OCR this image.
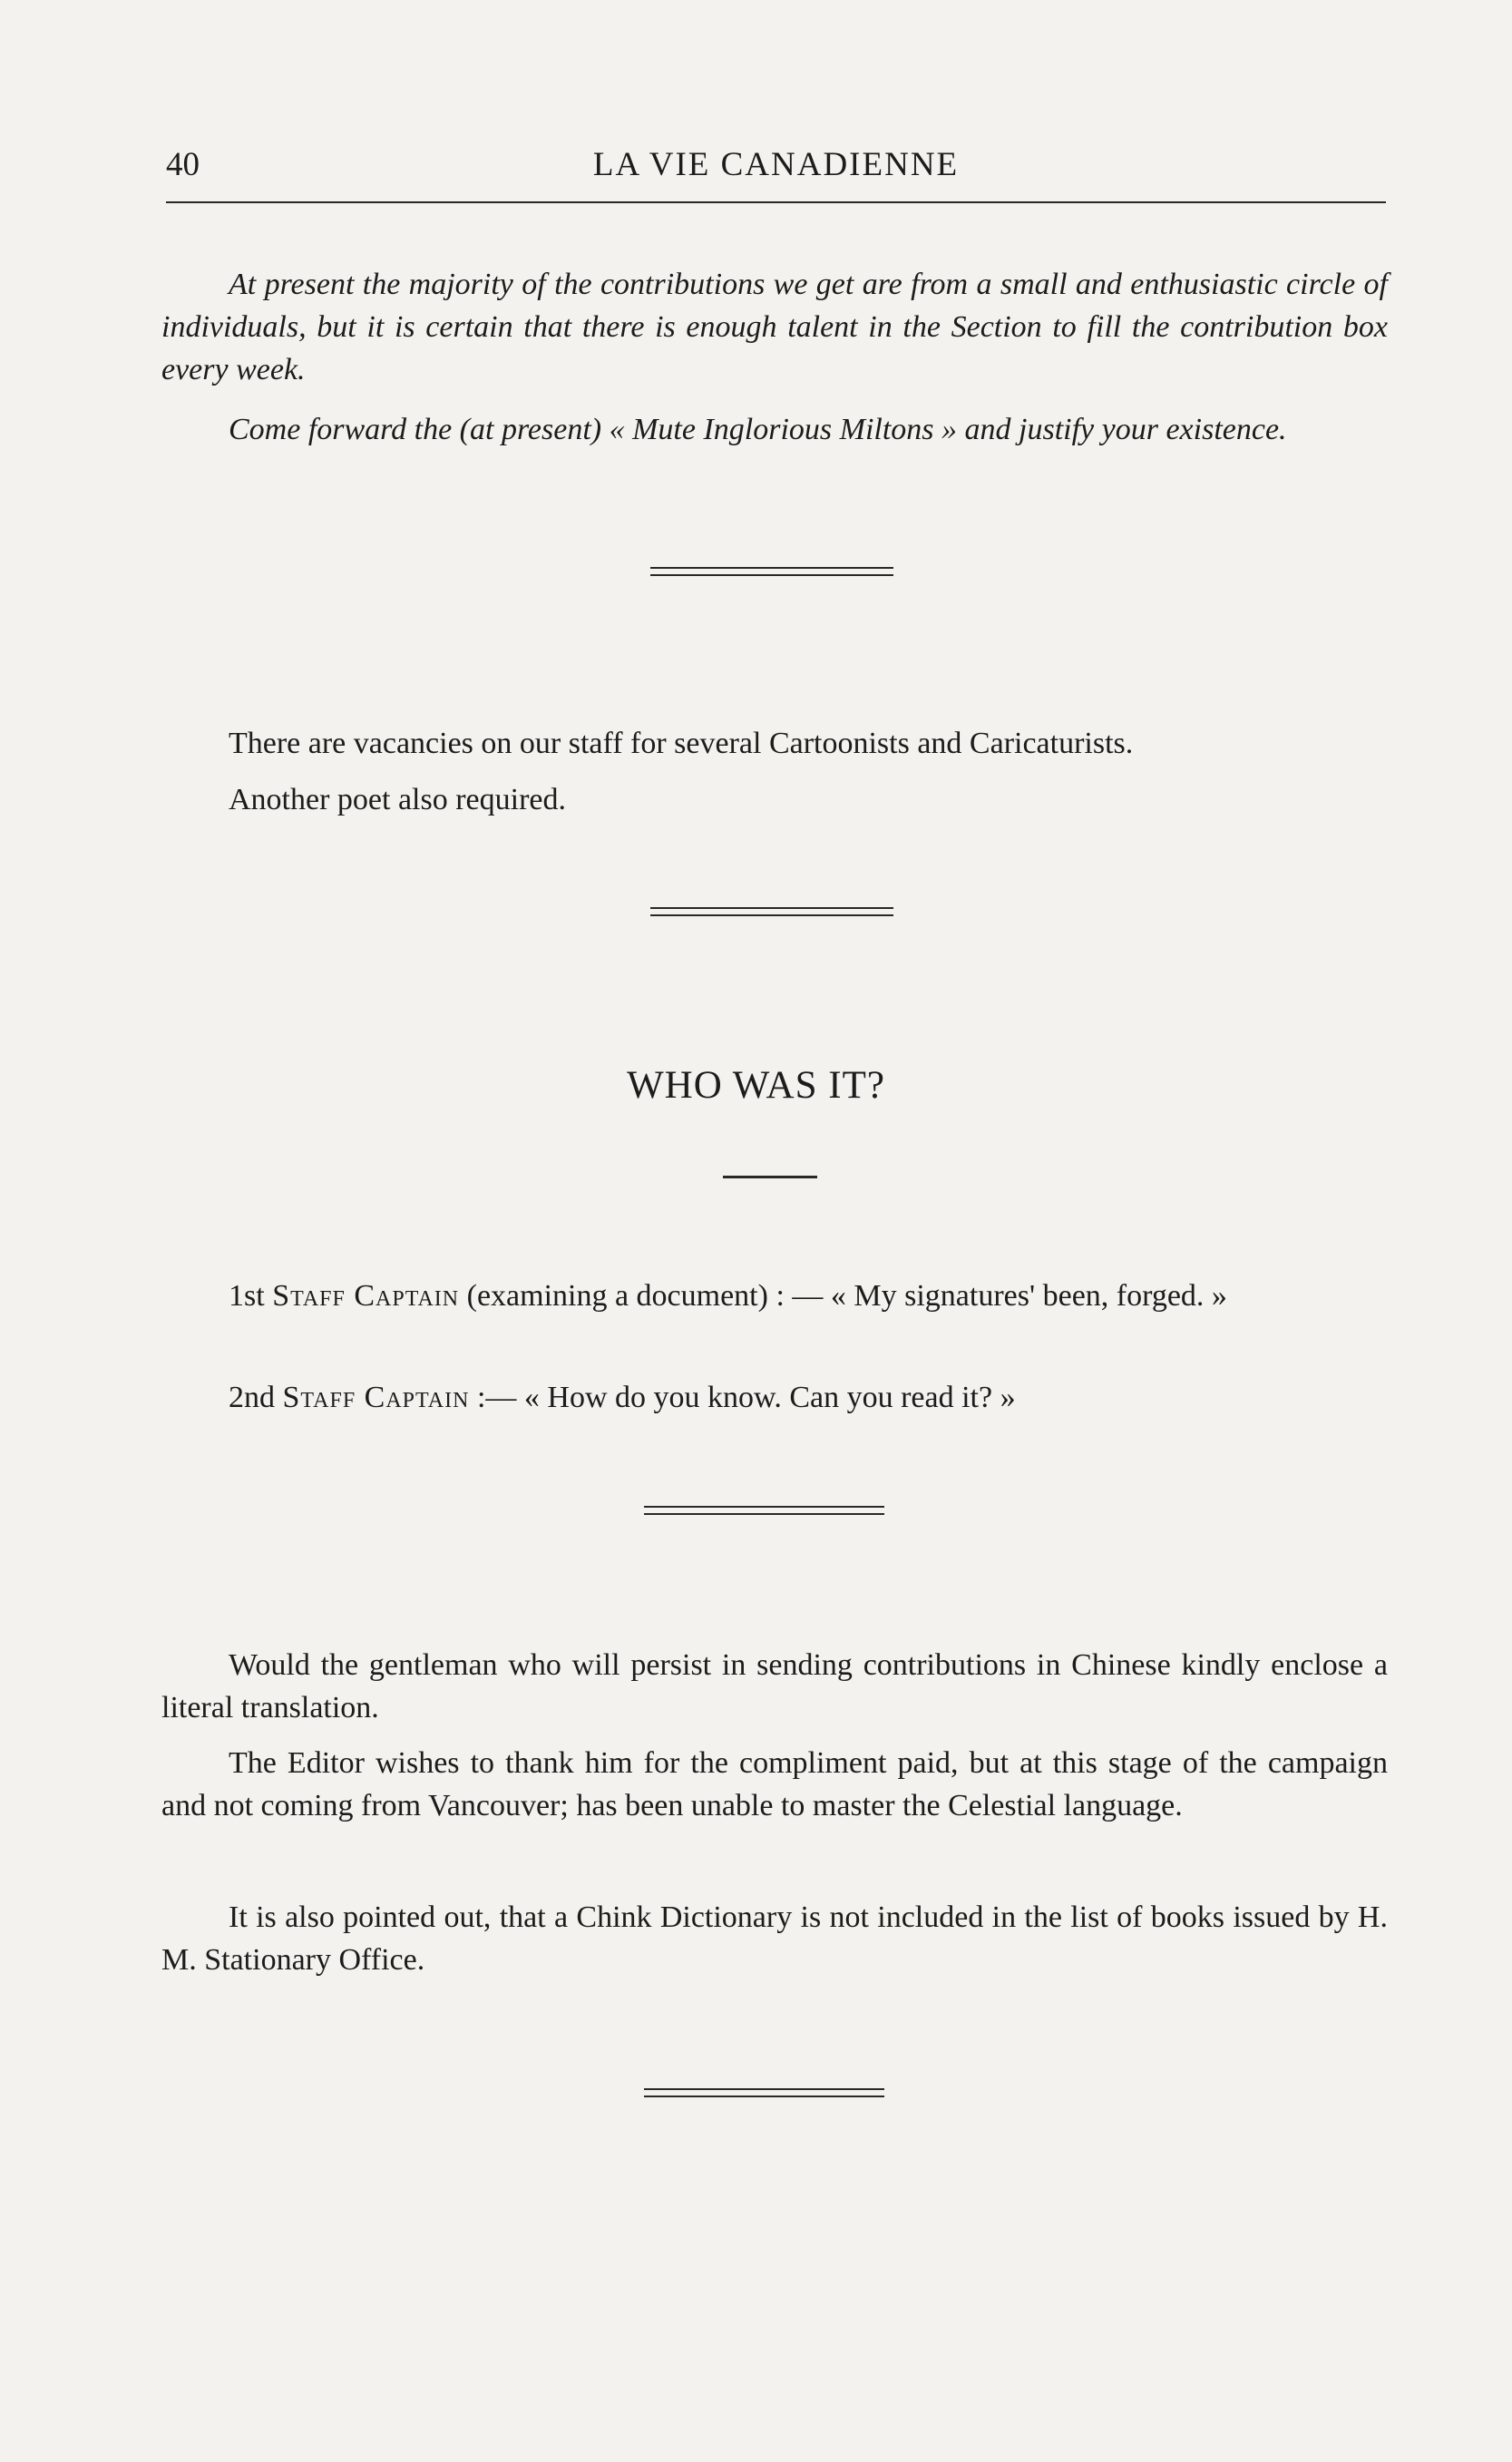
40	LA VIE CANADIENNE

At present the majority of the contributions we get are from a small and enthusiastic circle of individuals, but it is certain that there is enough talent in the Section to fill the contribution box every week.

Come forward the (at present) « Mute Inglorious Miltons » and justify your existence.

There are vacancies on our staff for several Cartoonists and Caricaturists.

Another poet also required.

WHO WAS IT?

1st Staff Captain (examining a document) : — « My signatures' been, forged. »

2nd Staff Captain :— « How do you know. Can you read it? »

Would the gentleman who will persist in sending contributions in Chinese kindly enclose a literal translation.

The Editor wishes to thank him for the compliment paid, but at this stage of the campaign and not coming from Vancouver; has been unable to master the Celestial language.

It is also pointed out, that a Chink Dictionary is not included in the list of books issued by H. M. Stationary Office.
